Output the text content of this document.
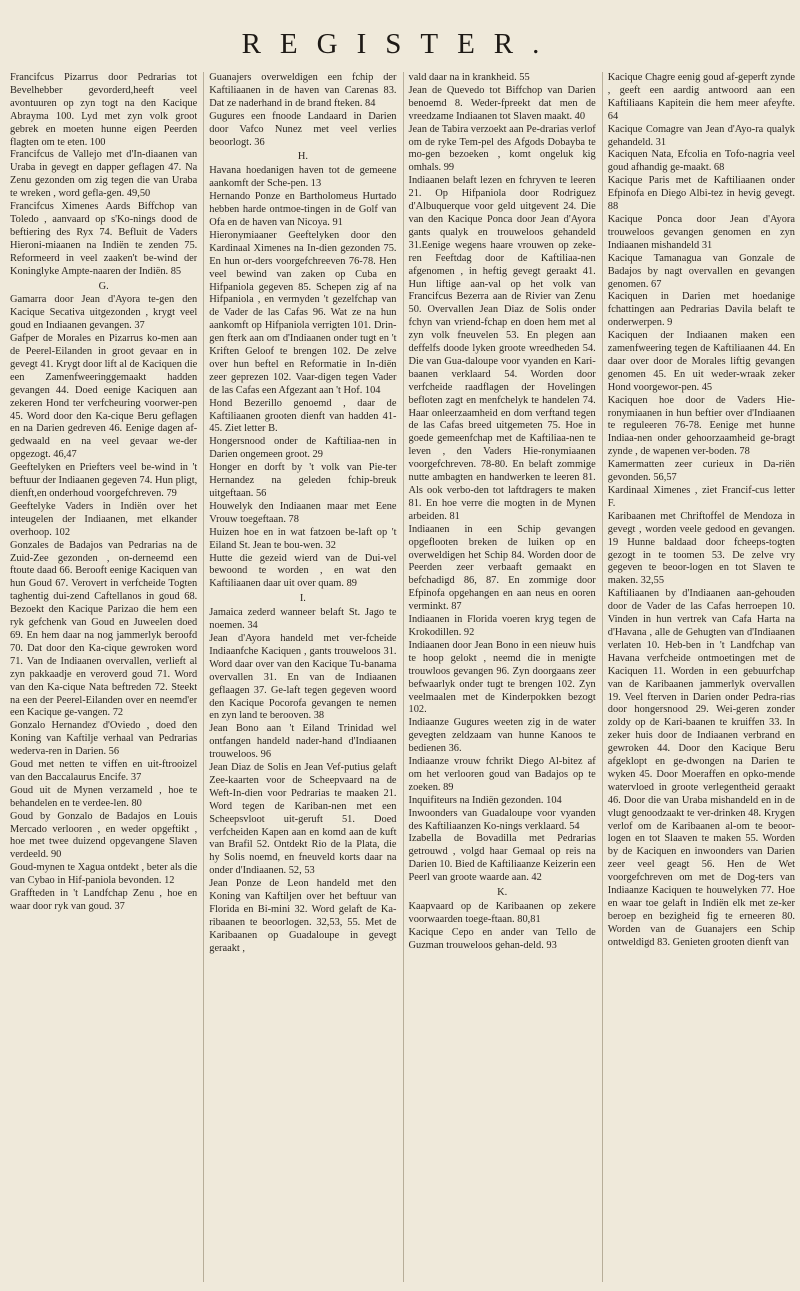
REGISTER.

Francifcus Pizarrus door Pedrarias tot Bevelhebber gevorderd,heeft veel avontuuren op zyn togt na den Kacique Abrayma 100. Lyd met zyn volk groot gebrek en moeten hunne eigen Peerden flagten om te eten. 100

Francifcus de Vallejo met d'In-diaanen van Uraba in gevegt en dapper geflagen 47. Na Zenu gezonden om zig tegen die van Uraba te wreken , word gefla-gen. 49,50

Francifcus Ximenes Aards Biffchop van Toledo , aanvaard op s'Ko-nings dood de beftiering des Ryx 74. Befluit de Vaders Hieroni-miaanen na Indiën te zenden 75. Reformeerd in veel zaaken't be-wind der Koninglyke Ampte-naaren der Indiën. 85

G.

Gamarra door Jean d'Ayora te-gen den Kacique Secativa uitgezonden , krygt veel goud en Indiaanen gevangen. 37

Gafper de Morales en Pizarrus ko-men aan de Peerel-Eilanden in groot gevaar en in gevegt 41. Krygt door lift al de Kaciquen die een Zamenfweeringgemaakt hadden gevangen 44. Doed eenige Kaciquen aan zekeren Hond ter verfcheuring voorwer-pen 45. Word door den Ka-cique Beru geflagen en na Darien gedreven 46. Eenige dagen af-gedwaald en na veel gevaar we-der opgezogt. 46,47

Geeftelyken en Priefters veel be-wind in 't beftuur der Indiaanen gegeven 74. Hun pligt, dienft,en onderhoud voorgefchreven. 79

Geeftelyke Vaders in Indiën over het inteugelen der Indiaanen, met elkander overhoop. 102

Gonzales de Badajos van Pedrarias na de Zuid-Zee gezonden , on-derneemd een ftoute daad 66. Berooft eenige Kaciquen van hun Goud 67. Verovert in verfcheide Togten taghentig dui-zend Caftellanos in goud 68. Bezoekt den Kacique Parizao die hem een ryk gefchenk van Goud en Juweelen doed 69. En hem daar na nog jammerlyk beroofd 70. Dat door den Ka-cique gewroken word 71. Van de Indiaanen overvallen, verlieft al zyn pakkaadje en veroverd goud 71. Word van den Ka-cique Nata beftreden 72. Steekt na een der Peerel-Eilanden over en neemd'er een Kacique ge-vangen. 72

Gonzalo Hernandez d'Oviedo , doed den Koning van Kaftilje verhaal van Pedrarias wederva-ren in Darien. 56

Goud met netten te viffen en uit-ftrooizel van den Baccalaurus Encife. 37

Goud uit de Mynen verzameld , hoe te behandelen en te verdee-len. 80

Goud by Gonzalo de Badajos en Louis Mercado verlooren , en weder opgeftikt , hoe met twee duizend opgevangene Slaven verdeeld. 90

Goud-mynen te Xagua ontdekt , beter als die van Cybao in Hif-paniola bevonden. 12

Graffteden in 't Landfchap Zenu , hoe en waar door ryk van goud. 37

Guanajers overweldigen een fchip der Kaftiliaanen in de haven van Carenas 83. Dat ze naderhand in de brand fteken. 84

Gugures een fnoode Landaard in Darien door Vafco Nunez met veel verlies beoorlogt. 36

H.

Havana hoedanigen haven tot de gemeene aankomft der Sche-pen. 13

Hernando Ponze en Bartholomeus Hurtado hebben harde ontmoe-tingen in de Golf van Ofa en de haven van Nicoya. 91

Hieronymiaaner Geeftelyken door den Kardinaal Ximenes na In-dien gezonden 75. En hun or-ders voorgefchreeven 76-78. Hen veel bewind van zaken op Cuba en Hifpaniola gegeven 85. Schepen zig af na Hifpaniola , en vermyden 't gezelfchap van de Vader de las Cafas 96. Wat ze na hun aankomft op Hifpaniola verrigten 101. Drin-gen fterk aan om d'Indiaanen onder tugt en 't Kriften Geloof te brengen 102. De zelve over hun beftel en Reformatie in In-diën zeer geprezen 102. Vaar-digen tegen Vader de las Cafas een Afgezant aan 't Hof. 104

Hond Bezerillo genoemd , daar de Kaftiliaanen grooten dienft van hadden 41-45. Ziet letter B.

Hongersnood onder de Kaftiliaa-nen in Darien ongemeen groot. 29

Honger en dorft by 't volk van Pie-ter Hernandez na geleden fchip-breuk uitgeftaan. 56

Houwelyk den Indiaanen maar met Eene Vrouw toegeftaan. 78

Huizen hoe en in wat fatzoen be-laft op 't Eiland St. Jean te bou-wen. 32

Hutte die gezeid wierd van de Dui-vel bewoond te worden , en wat den Kaftiliaanen daar uit over quam. 89

I.

Jamaica zederd wanneer belaft St. Jago te noemen. 34

Jean d'Ayora handeld met ver-fcheide Indiaanfche Kaciquen , gants trouweloos 31. Word daar over van den Kacique Tu-banama overvallen 31. En van de Indiaanen geflaagen 37. Ge-laft tegen gegeven woord den Kacique Pocorofa gevangen te nemen en zyn land te berooven. 38

Jean Bono aan 't Eiland Trinidad wel ontfangen handeld nader-hand d'Indiaanen trouweloos. 96

Jean Diaz de Solis en Jean Vef-putius gelaft Zee-kaarten voor de Scheepvaard na de Weft-In-dien voor Pedrarias te maaken 21. Word tegen de Kariban-nen met een Scheepsvloot uit-geruft 51. Doed verfcheiden Kapen aan en komd aan de kuft van Brafil 52. Ontdekt Rio de la Plata, die hy Solis noemd, en fneuveld korts daar na onder d'Indiaanen. 52, 53

Jean Ponze de Leon handeld met den Koning van Kaftiljen over het beftuur van Florida en Bi-mini 32. Word gelaft de Ka-ribaanen te beoorlogen. 32,53, 55. Met de Karibaanen op Guadaloupe in gevegt geraakt ,

vald daar na in krankheid. 55

Jean de Quevedo tot Biffchop van Darien benoemd 8. Weder-fpreekt dat men de vreedzame Indiaanen tot Slaven maakt. 40

Jean de Tabira verzoekt aan Pe-drarias verlof om de ryke Tem-pel des Afgods Dobayba te mo-gen bezoeken , komt ongeluk kig omhals. 99

Indiaanen belaft lezen en fchryven te leeren 21. Op Hifpaniola door Rodriguez d'Albuquerque voor geld uitgevent 24. Die van den Kacique Ponca door Jean d'Ayora gants qualyk en trouweloos gehandeld 31.Eenige wegens haare vrouwen op zeke-ren Feeftdag door de Kaftiliaa-nen afgenomen , in heftig gevegt geraakt 41. Hun liftige aan-val op het volk van Francifcus Bezerra aan de Rivier van Zenu 50. Overvallen Jean Diaz de Solis onder fchyn van vriend-fchap en doen hem met al zyn volk fneuvelen 53. En plegen aan deffelfs doode lyken groote wreedheden 54. Die van Gua-daloupe voor vyanden en Kari-baanen verklaard 54. Worden door verfcheide raadflagen der Hovelingen befloten zagt en menfchelyk te handelen 74. Haar onleerzaamheid en dom verftand tegen de las Cafas breed uitgemeten 75. Hoe in goede gemeenfchap met de Kaftiliaa-nen te leven , den Vaders Hie-ronymiaanen voorgefchreven. 78-80. En belaft zommige nutte ambagten en handwerken te leeren 81. Als ook verbo-den tot laftdragers te maken 81. En hoe verre die mogten in de Mynen arbeiden. 81

Indiaanen in een Schip gevangen opgeflooten breken de luiken op en overweldigen het Schip 84. Worden door de Peerden zeer verbaaft gemaakt en befchadigd 86, 87. En zommige door Efpinofa opgehangen en aan neus en ooren verminkt. 87

Indiaanen in Florida voeren kryg tegen de Krokodillen. 92

Indiaanen door Jean Bono in een nieuw huis te hoop gelokt , neemd die in menigte trouwloos gevangen 96. Zyn doorgaans zeer befwaarlyk onder tugt te brengen 102. Zyn veelmaalen met de Kinderpokken bezogt 102.

Indiaanze Gugures weeten zig in de water gevegten zeldzaam van hunne Kanoos te bedienen 36.

Indiaanze vrouw fchrikt Diego Al-bitez af om het verlooren goud van Badajos op te zoeken. 89

Inquifiteurs na Indiën gezonden. 104

Inwoonders van Guadaloupe voor vyanden des Kaftiliaanzen Ko-nings verklaard. 54

Izabella de Bovadilla met Pedrarias getrouwd , volgd haar Gemaal op reis na Darien 10. Bied de Kaftiliaanze Keizerin een Peerl van groote waarde aan. 42

K.

Kaapvaard op de Karibaanen op zekere voorwaarden toege-ftaan. 80,81

Kacique Cepo en ander van Tello de Guzman trouweloos gehan-deld. 93

Kacique Chagre eenig goud af-geperft zynde , geeft een aardig antwoord aan een Kaftiliaans Kapitein die hem meer afeyfte. 64

Kacique Comagre van Jean d'Ayo-ra qualyk gehandeld. 31

Kaciquen Nata, Efcolia en Tofo-nagria veel goud afhandig ge-maakt. 68

Kacique Paris met de Kaftiliaanen onder Efpinofa en Diego Albi-tez in hevig gevegt. 88

Kacique Ponca door Jean d'Ayora trouweloos gevangen genomen en zyn Indiaanen mishandeld 31

Kacique Tamanagua van Gonzale de Badajos by nagt overvallen en gevangen genomen. 67

Kaciquen in Darien met hoedanige fchattingen aan Pedrarias Davila belaft te onderwerpen. 9

Kaciquen der Indiaanen maken een zamenfweering tegen de Kaftiliaanen 44. En daar over door de Morales liftig gevangen genomen 45. En uit weder-wraak zeker Hond voorgewor-pen. 45

Kaciquen hoe door de Vaders Hie-ronymiaanen in hun beftier over d'Indiaanen te reguleeren 76-78. Eenige met hunne Indiaa-nen onder gehoorzaamheid ge-bragt zynde , de wapenen ver-boden. 78

Kamermatten zeer curieux in Da-riën gevonden. 56,57

Kardinaal Ximenes , ziet Francif-cus letter F.

Karibaanen met Chriftoffel de Mendoza in gevegt , worden veele gedood en gevangen. 19 Hunne baldaad door fcheeps-togten gezogt in te toomen 53. De zelve vry gegeven te beoor-logen en tot Slaven te maken. 32,55

Kaftiliaanen by d'Indiaanen aan-gehouden door de Vader de las Cafas herroepen 10. Vinden in hun vertrek van Cafa Harta na d'Havana , alle de Gehugten van d'Indiaanen verlaten 10. Heb-ben in 't Landfchap van Havana verfcheide ontmoetingen met de Kaciquen 11. Worden in een gebuurfchap van de Karibaanen jammerlyk overvallen 19. Veel fterven in Darien onder Pedra-rias door hongersnood 29. Wei-geren zonder zoldy op de Kari-baanen te kruiffen 33. In zeker huis door de Indiaanen verbrand en gewroken 44. Door den Kacique Beru afgeklopt en ge-dwongen na Darien te wyken 45. Door Moeraffen en opko-mende watervloed in groote verlegentheid geraakt 46. Door die van Uraba mishandeld en in de vlugt genoodzaakt te ver-drinken 48. Krygen verlof om de Karibaanen al-om te beoor-logen en tot Slaaven te maken 55. Worden by de Kaciquen en inwoonders van Darien zeer veel geagt 56. Hen de Wet voorgefchreven om met de Dog-ters van Indiaanze Kaciquen te houwelyken 77. Hoe en waar toe gelaft in Indiën elk met ze-ker beroep en bezigheid fig te erneeren 80. Worden van de Guanajers een Schip ontweldigd 83. Genieten grooten dienft van
